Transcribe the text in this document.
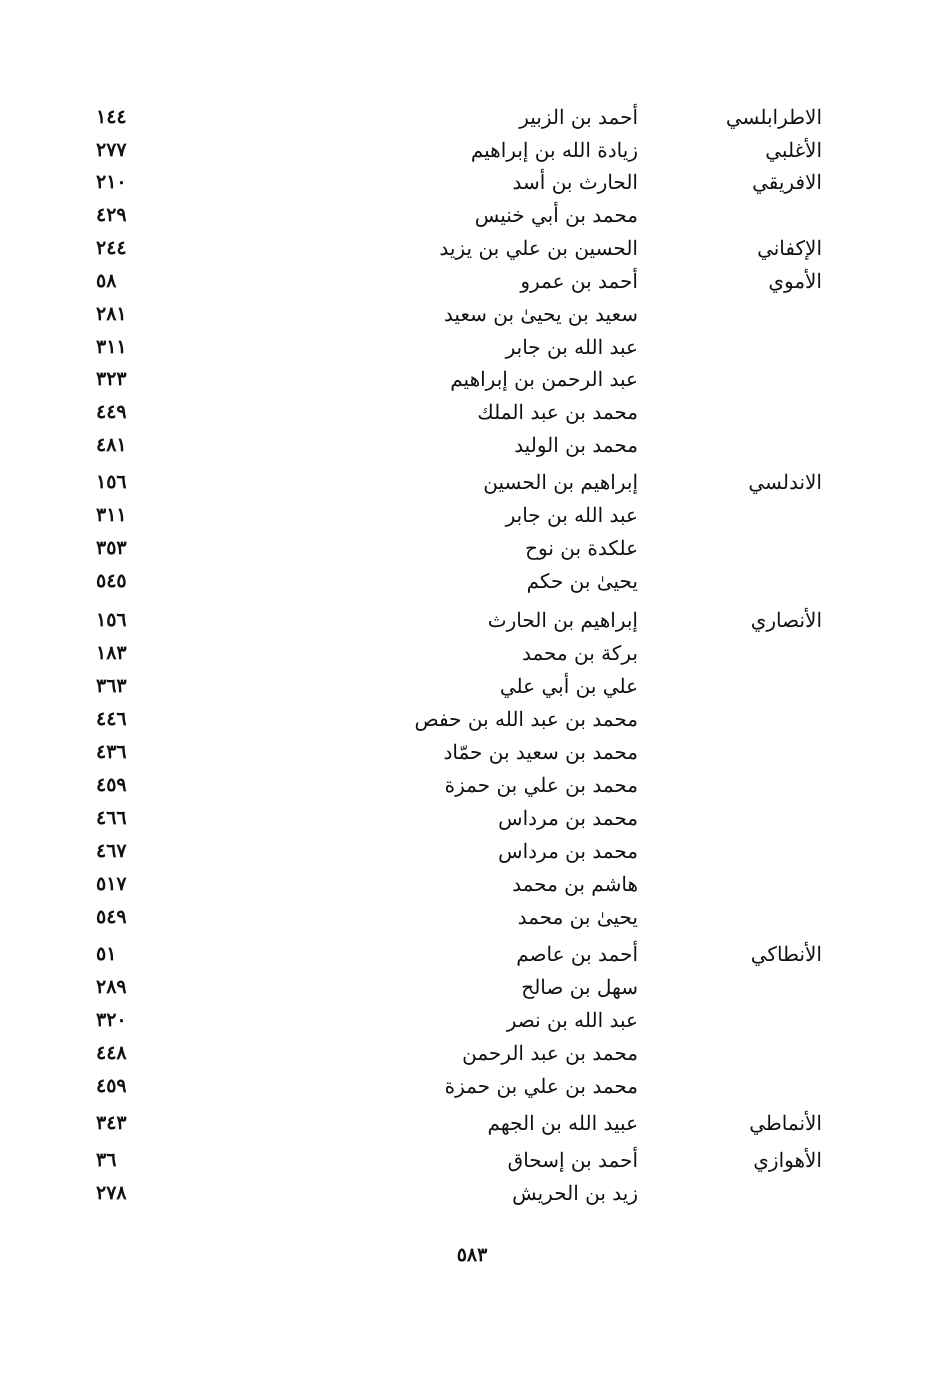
الاطرابلسي
أحمد بن الزبير
١٤٤
الأغلبي
زيادة الله بن إبراهيم
٢٧٧
الافريقي
الحارث بن أسد
٢١٠
محمد بن أبي خنيس
٤٢٩
الإكفاني
الحسين بن علي بن يزيد
٢٤٤
الأموي
أحمد بن عمرو
٥٨
سعيد بن يحيىٰ بن سعيد
٢٨١
عبد الله بن جابر
٣١١
عبد الرحمن بن إبراهيم
٣٢٣
محمد بن عبد الملك
٤٤٩
محمد بن الوليد
٤٨١
الاندلسي
إبراهيم بن الحسين
١٥٦
عبد الله بن جابر
٣١١
علكدة بن نوح
٣٥٣
يحيىٰ بن حكم
٥٤٥
الأنصاري
إبراهيم بن الحارث
١٥٦
بركة بن محمد
١٨٣
علي بن أبي علي
٣٦٣
محمد بن عبد الله بن حفص
٤٤٦
محمد بن سعيد بن حمّاد
٤٣٦
محمد بن علي بن حمزة
٤٥٩
محمد بن مرداس
٤٦٦
محمد بن مرداس
٤٦٧
هاشم بن محمد
٥١٧
يحيىٰ بن محمد
٥٤٩
الأنطاكي
أحمد بن عاصم
٥١
سهل بن صالح
٢٨٩
عبد الله بن نصر
٣٢٠
محمد بن عبد الرحمن
٤٤٨
محمد بن علي بن حمزة
٤٥٩
الأنماطي
عبيد الله بن الجهم
٣٤٣
الأهوازي
أحمد بن إسحاق
٣٦
زيد بن الحريش
٢٧٨
٥٨٣
